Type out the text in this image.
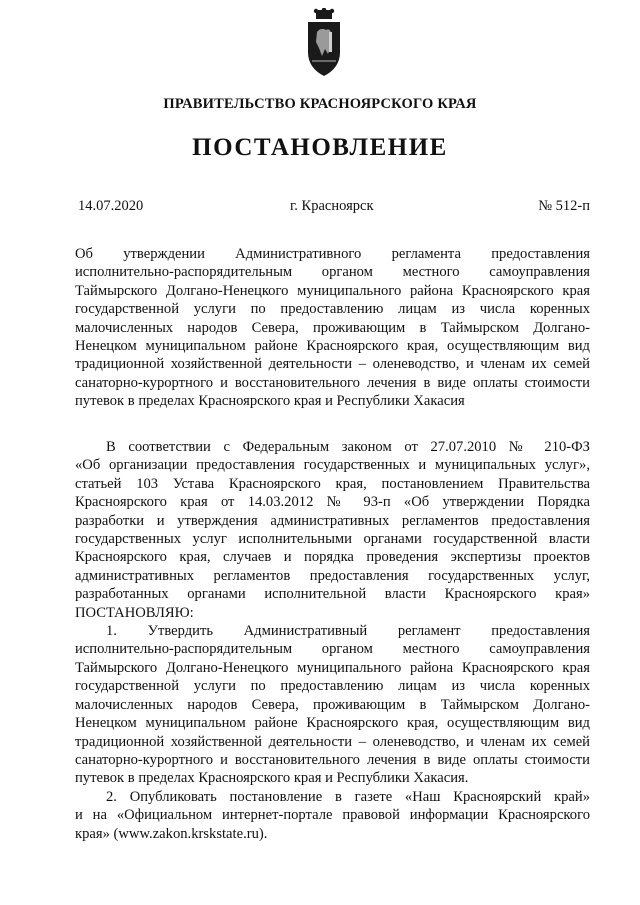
ПРАВИТЕЛЬСТВО КРАСНОЯРСКОГО КРАЯ
ПОСТАНОВЛЕНИЕ
14.07.2020	г. Красноярск	№ 512-п
Об утверждении Административного регламента предоставления
исполнительно-распорядительным органом местного самоуправления
Таймырского Долгано-Ненецкого муниципального района Красноярского края
государственной услуги по предоставлению лицам из числа коренных
малочисленных народов Севера, проживающим в Таймырском Долгано-
Ненецком муниципальном районе Красноярского края, осуществляющим вид
традиционной хозяйственной деятельности – оленеводство, и членам их семей
санаторно-курортного и восстановительного лечения в виде оплаты стоимости
путевок в пределах Красноярского края и Республики Хакасия
В соответствии с Федеральным законом от 27.07.2010 № 210-ФЗ
«Об организации предоставления государственных и муниципальных услуг»,
статьей 103 Устава Красноярского края, постановлением Правительства
Красноярского края от 14.03.2012 № 93-п «Об утверждении Порядка
разработки и утверждения административных регламентов предоставления
государственных услуг исполнительными органами государственной власти
Красноярского края, случаев и порядка проведения экспертизы проектов
административных регламентов предоставления государственных услуг,
разработанных органами исполнительной власти Красноярского края»
ПОСТАНОВЛЯЮ:
1. Утвердить Административный регламент предоставления
исполнительно-распорядительным органом местного самоуправления
Таймырского Долгано-Ненецкого муниципального района Красноярского края
государственной услуги по предоставлению лицам из числа коренных
малочисленных народов Севера, проживающим в Таймырском Долгано-
Ненецком муниципальном районе Красноярского края, осуществляющим вид
традиционной хозяйственной деятельности – оленеводство, и членам их семей
санаторно-курортного и восстановительного лечения в виде оплаты стоимости
путевок в пределах Красноярского края и Республики Хакасия.
2. Опубликовать постановление в газете «Наш Красноярский край»
и на «Официальном интернет-портале правовой информации Красноярского
края» (www.zakon.krskstate.ru).
